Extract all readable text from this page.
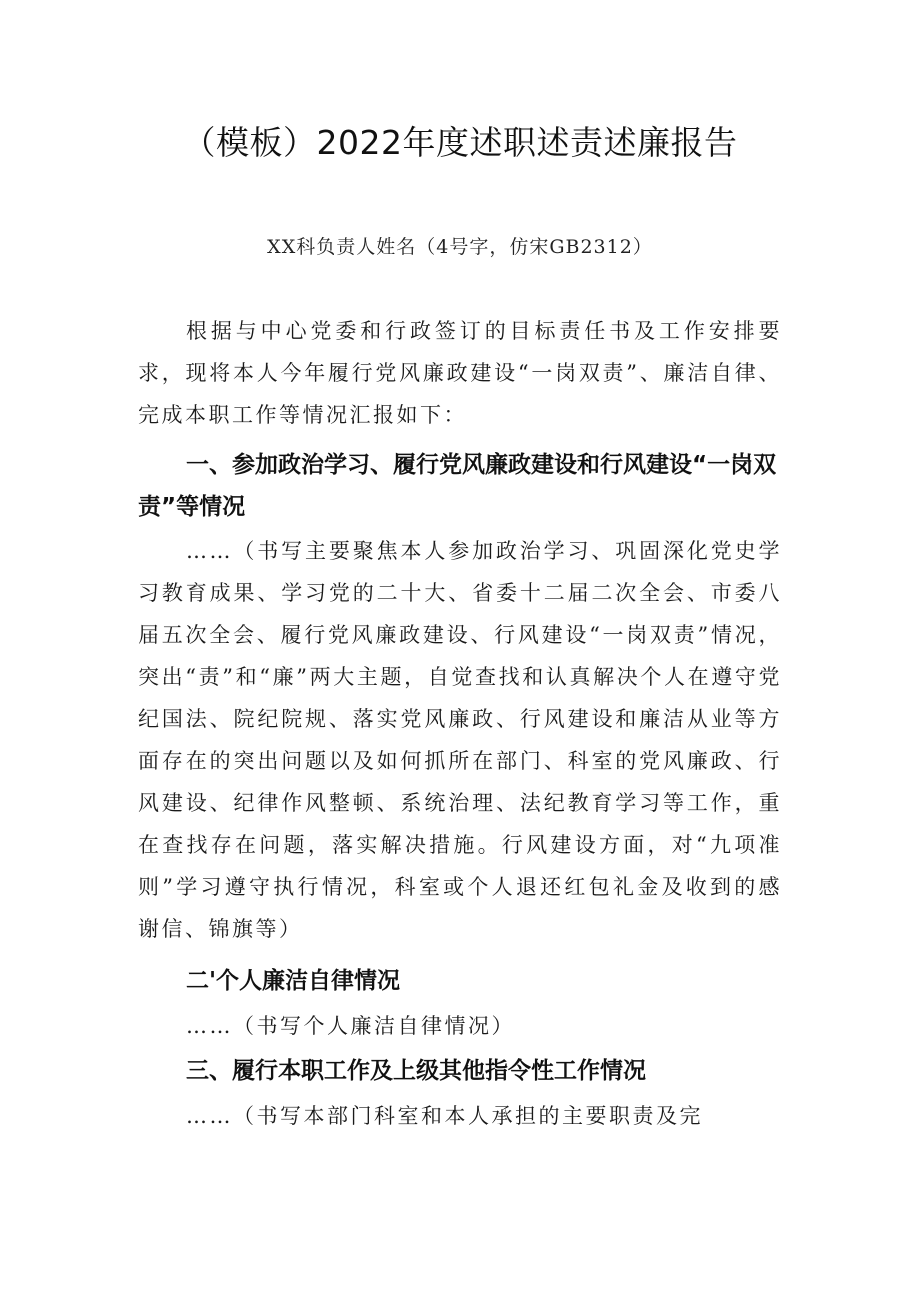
（模板）2022年度述职述责述廉报告
XX科负责人姓名（4号字，仿宋GB2312）

根据与中心党委和行政签订的目标责任书及工作安排要求，现将本人今年履行党风廉政建设“一岗双责”、廉洁自律、完成本职工作等情况汇报如下：

一、参加政治学习、履行党风廉政建设和行风建设“一岗双责”等情况

……（书写主要聚焦本人参加政治学习、巩固深化党史学习教育成果、学习党的二十大、省委十二届二次全会、市委八届五次全会、履行党风廉政建设、行风建设“一岗双责”情况，突出“责”和“廉”两大主题，自觉查找和认真解决个人在遵守党纪国法、院纪院规、落实党风廉政、行风建设和廉洁从业等方面存在的突出问题以及如何抓所在部门、科室的党风廉政、行风建设、纪律作风整顿、系统治理、法纪教育学习等工作，重在查找存在问题，落实解决措施。行风建设方面，对“九项准则”学习遵守执行情况，科室或个人退还红包礼金及收到的感谢信、锦旗等）

二'个人廉洁自律情况

……（书写个人廉洁自律情况）

三、履行本职工作及上级其他指令性工作情况

……（书写本部门科室和本人承担的主要职责及完
